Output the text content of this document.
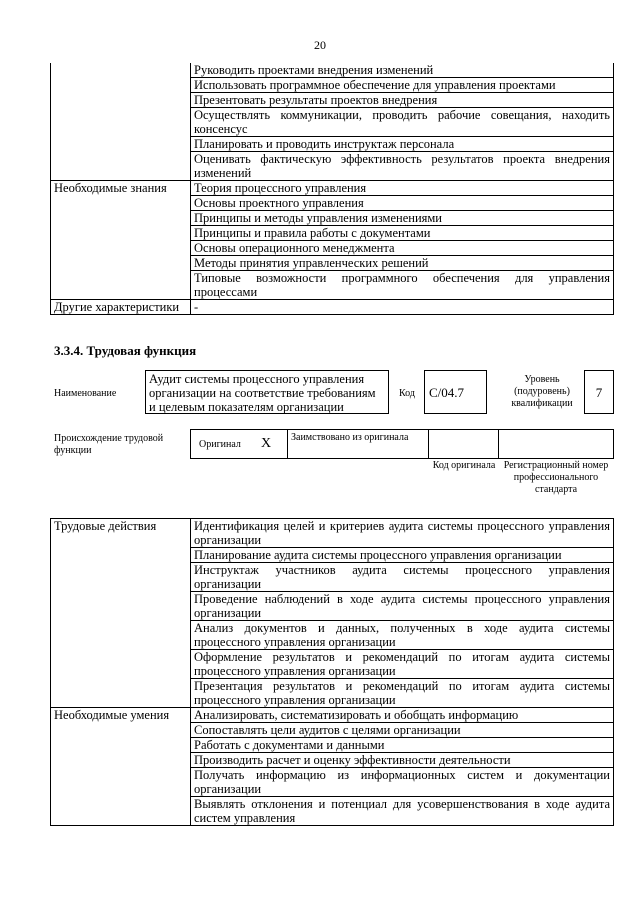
20
	Руководить проектами внедрения изменений
	Использовать программное обеспечение для управления проектами
	Презентовать результаты проектов внедрения
	Осуществлять коммуникации, проводить рабочие совещания, находить консенсус
	Планировать и проводить инструктаж персонала
	Оценивать фактическую эффективность результатов проекта внедрения изменений
Необходимые знания	Теория процессного управления
	Основы проектного управления
	Принципы и методы управления изменениями
	Принципы и правила работы с документами
	Основы операционного менеджмента
	Методы принятия управленческих решений
	Типовые возможности программного обеспечения для управления процессами
Другие характеристики	-
3.3.4. Трудовая функция
Наименование
Аудит системы процессного управления организации на соответствие требованиям и целевым показателям организации
Код	C/04.7
Уровень (подуровень) квалификации
7
Происхождение трудовой функции
Оригинал X Заимствовано из оригинала
Код оригинала Регистрационный номер профессионального стандарта
Трудовые действия	Идентификация целей и критериев аудита системы процессного управления организации
	Планирование аудита системы процессного управления организации
	Инструктаж участников аудита системы процессного управления организации
	Проведение наблюдений в ходе аудита системы процессного управления организации
	Анализ документов и данных, полученных в ходе аудита системы процессного управления организации
	Оформление результатов и рекомендаций по итогам аудита системы процессного управления организации
	Презентация результатов и рекомендаций по итогам аудита системы процессного управления организации
Необходимые умения	Анализировать, систематизировать и обобщать информацию
	Сопоставлять цели аудитов с целями организации
	Работать с документами и данными
	Производить расчет и оценку эффективности деятельности
	Получать информацию из информационных систем и документации организации
	Выявлять отклонения и потенциал для усовершенствования в ходе аудита систем управления
